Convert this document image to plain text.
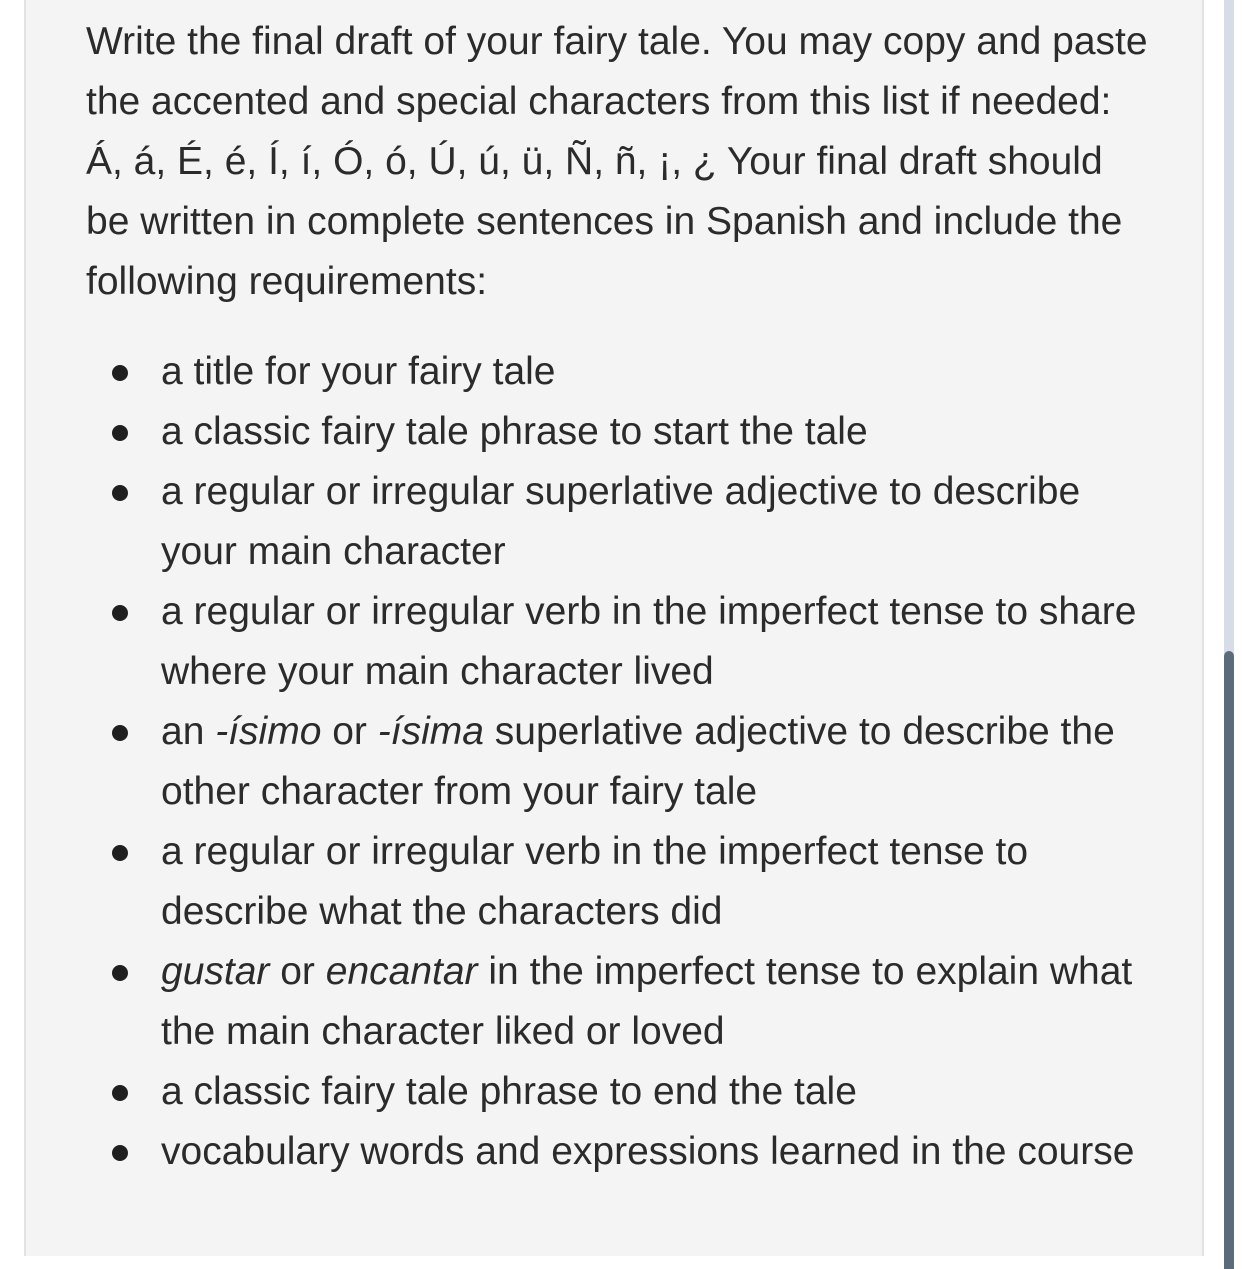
Write the final draft of your fairy tale. You may copy and paste the accented and special characters from this list if needed: Á, á, É, é, Í, í, Ó, ó, Ú, ú, ü, Ñ, ñ, ¡, ¿ Your final draft should be written in complete sentences in Spanish and include the following requirements:

a title for your fairy tale
a classic fairy tale phrase to start the tale
a regular or irregular superlative adjective to describe your main character
a regular or irregular verb in the imperfect tense to share where your main character lived
an -ísimo or -ísima superlative adjective to describe the other character from your fairy tale
a regular or irregular verb in the imperfect tense to describe what the characters did
gustar or encantar in the imperfect tense to explain what the main character liked or loved
a classic fairy tale phrase to end the tale
vocabulary words and expressions learned in the course
